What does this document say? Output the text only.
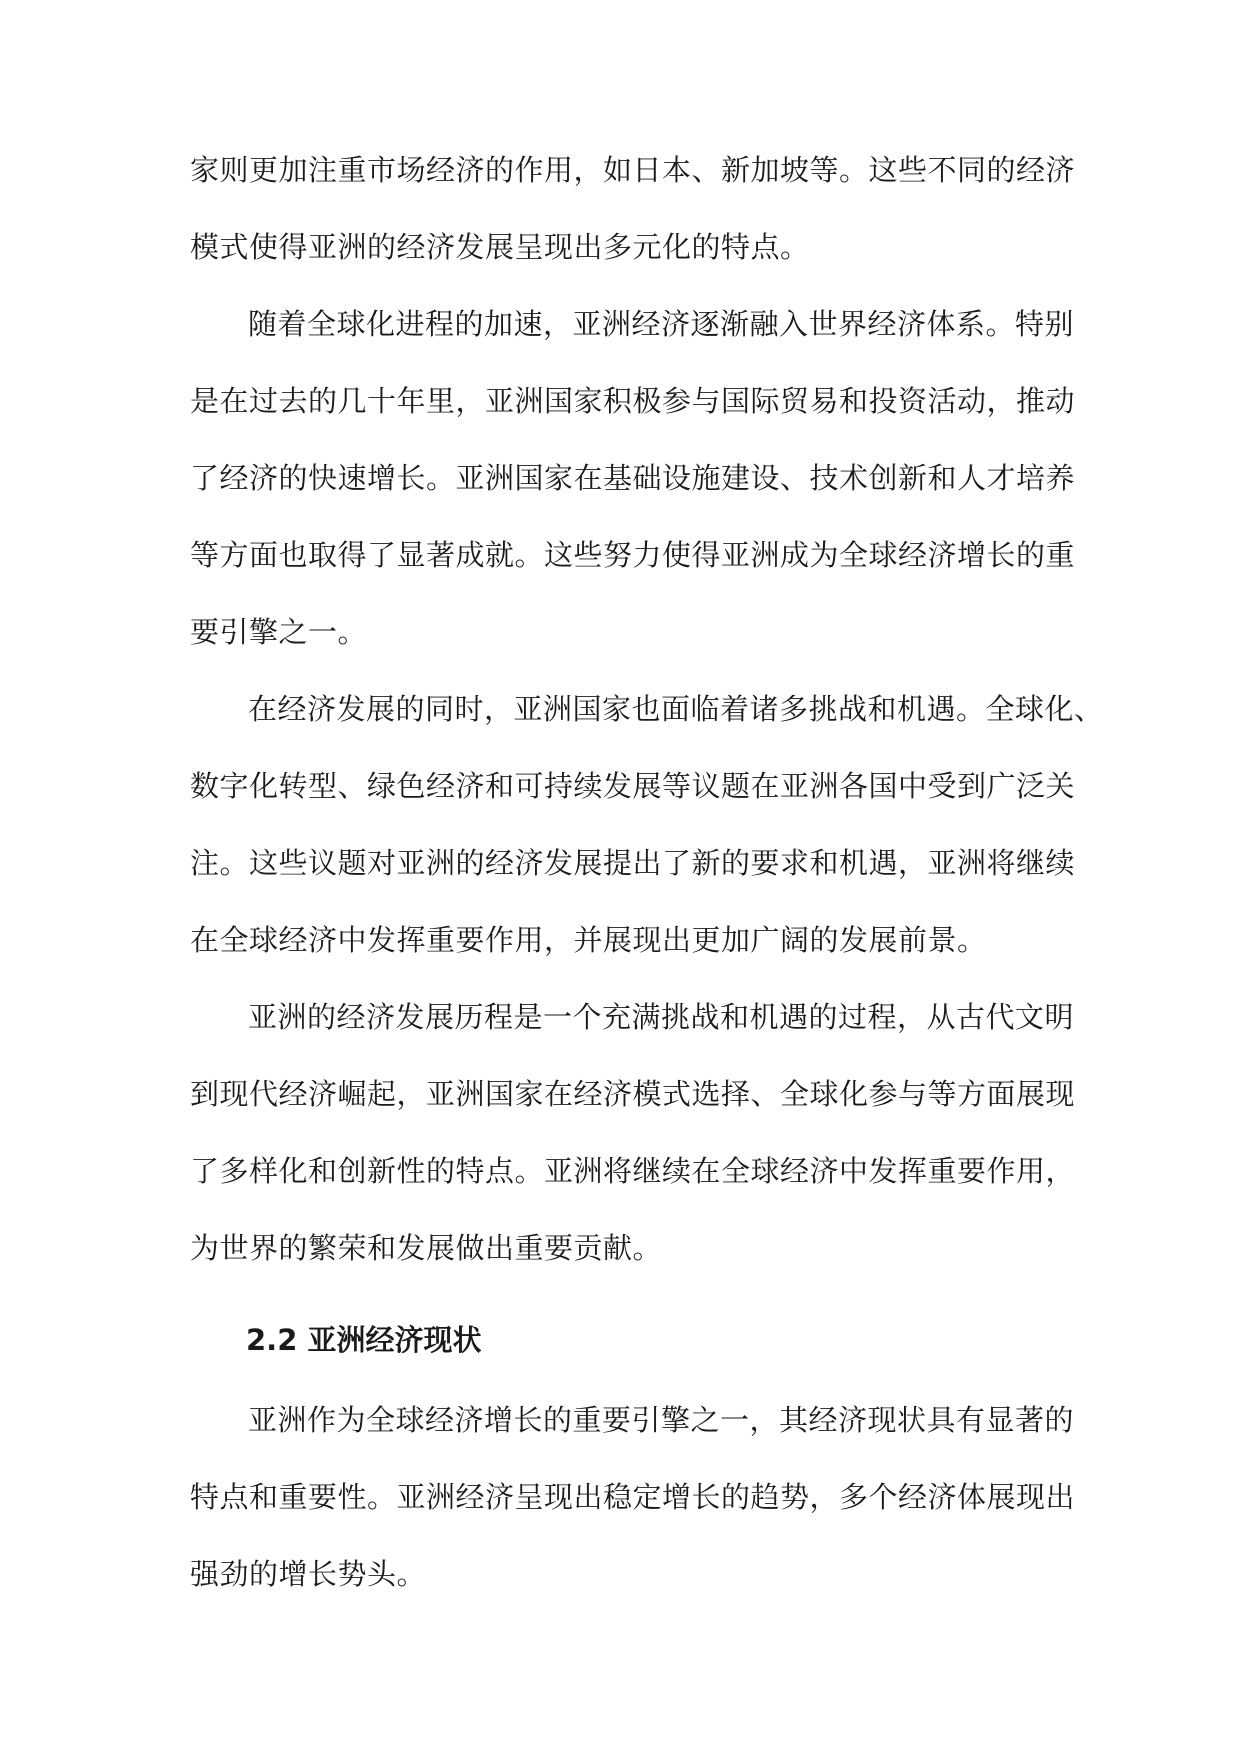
家则更加注重市场经济的作用，如日本、新加坡等。这些不同的经济
模式使得亚洲的经济发展呈现出多元化的特点。
随着全球化进程的加速，亚洲经济逐渐融入世界经济体系。特别
是在过去的几十年里，亚洲国家积极参与国际贸易和投资活动，推动
了经济的快速增长。亚洲国家在基础设施建设、技术创新和人才培养
等方面也取得了显著成就。这些努力使得亚洲成为全球经济增长的重
要引擎之一。
在经济发展的同时，亚洲国家也面临着诸多挑战和机遇。全球化、
数字化转型、绿色经济和可持续发展等议题在亚洲各国中受到广泛关
注。这些议题对亚洲的经济发展提出了新的要求和机遇，亚洲将继续
在全球经济中发挥重要作用，并展现出更加广阔的发展前景。
亚洲的经济发展历程是一个充满挑战和机遇的过程，从古代文明
到现代经济崛起，亚洲国家在经济模式选择、全球化参与等方面展现
了多样化和创新性的特点。亚洲将继续在全球经济中发挥重要作用，
为世界的繁荣和发展做出重要贡献。
2.2 亚洲经济现状
亚洲作为全球经济增长的重要引擎之一，其经济现状具有显著的
特点和重要性。亚洲经济呈现出稳定增长的趋势，多个经济体展现出
强劲的增长势头。
